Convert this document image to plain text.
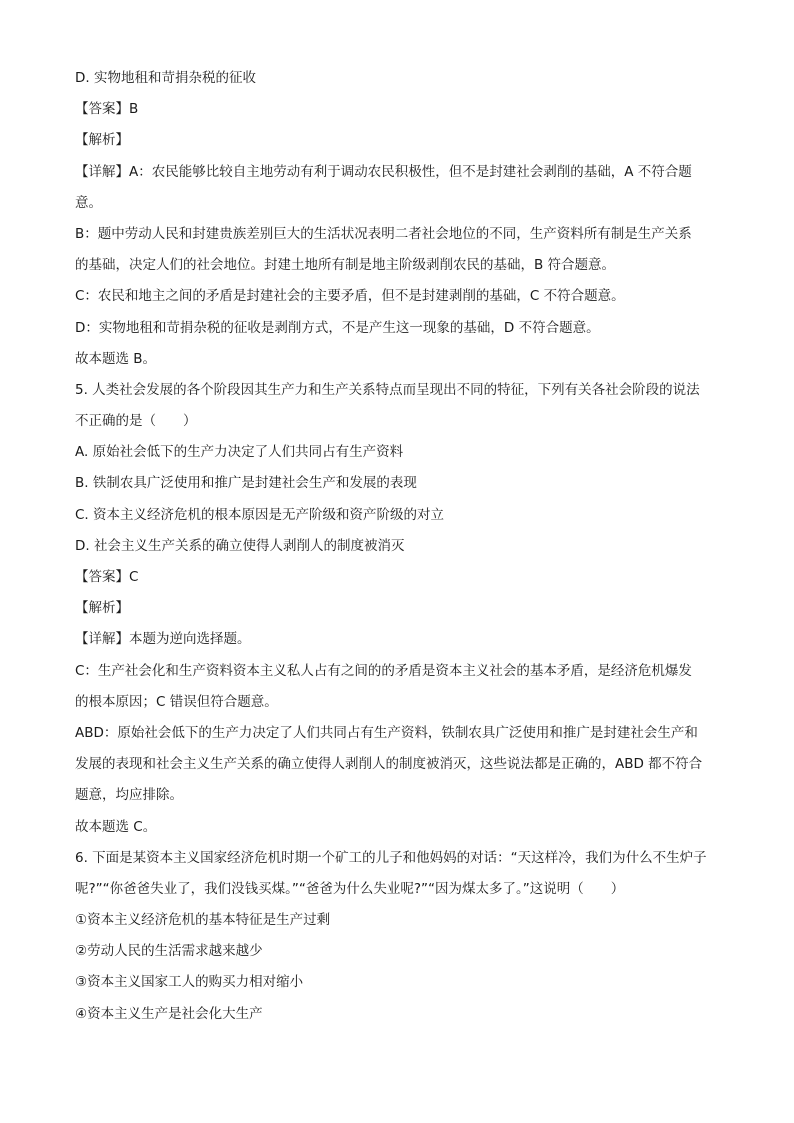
D. 实物地租和苛捐杂税的征收
【答案】B
【解析】
【详解】A：农民能够比较自主地劳动有利于调动农民积极性，但不是封建社会剥削的基础，A 不符合题
意。
B：题中劳动人民和封建贵族差别巨大的生活状况表明二者社会地位的不同，生产资料所有制是生产关系
的基础，决定人们的社会地位。封建土地所有制是地主阶级剥削农民的基础，B 符合题意。
C：农民和地主之间的矛盾是封建社会的主要矛盾，但不是封建剥削的基础，C 不符合题意。
D：实物地租和苛捐杂税的征收是剥削方式，不是产生这一现象的基础，D 不符合题意。
故本题选 B。
5. 人类社会发展的各个阶段因其生产力和生产关系特点而呈现出不同的特征，下列有关各社会阶段的说法
不正确的是（　　）
A. 原始社会低下的生产力决定了人们共同占有生产资料
B. 铁制农具广泛使用和推广是封建社会生产和发展的表现
C. 资本主义经济危机的根本原因是无产阶级和资产阶级的对立
D. 社会主义生产关系的确立使得人剥削人的制度被消灭
【答案】C
【解析】
【详解】本题为逆向选择题。
C：生产社会化和生产资料资本主义私人占有之间的的矛盾是资本主义社会的基本矛盾，是经济危机爆发
的根本原因；C 错误但符合题意。
ABD：原始社会低下的生产力决定了人们共同占有生产资料，铁制农具广泛使用和推广是封建社会生产和
发展的表现和社会主义生产关系的确立使得人剥削人的制度被消灭，这些说法都是正确的，ABD 都不符合
题意，均应排除。
故本题选 C。
6. 下面是某资本主义国家经济危机时期一个矿工的儿子和他妈妈的对话：“天这样冷，我们为什么不生炉子
呢?”“你爸爸失业了，我们没钱买煤。”“爸爸为什么失业呢?”“因为煤太多了。”这说明（　　）
①资本主义经济危机的基本特征是生产过剩
②劳动人民的生活需求越来越少
③资本主义国家工人的购买力相对缩小
④资本主义生产是社会化大生产
